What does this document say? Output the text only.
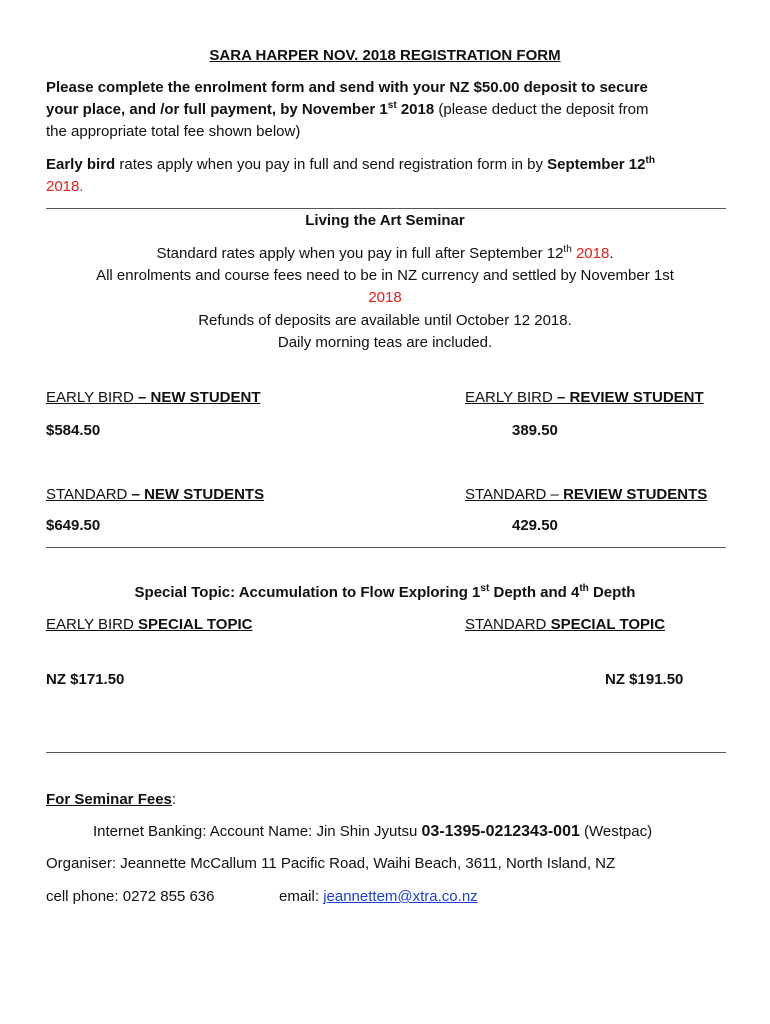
SARA HARPER NOV. 2018 REGISTRATION FORM
Please complete the enrolment form and send with your NZ $50.00 deposit to secure
your place, and /or full payment, by November 1st 2018 (please deduct the deposit from
the appropriate total fee shown below)
Early bird rates apply when you pay in full and send registration form in by September 12th
2018.
Living the Art Seminar
Standard rates apply when you pay in full after September 12th 2018.
All enrolments and course fees need to be in NZ currency and settled by November 1st
2018
Refunds of deposits are available until October 12 2018.
Daily morning teas are included.
EARLY BIRD – NEW STUDENT	EARLY BIRD – REVIEW STUDENT
$584.50	389.50
STANDARD – NEW STUDENTS	STANDARD – REVIEW STUDENTS
$649.50	429.50
Special Topic: Accumulation to Flow Exploring 1st Depth and 4th Depth
EARLY BIRD SPECIAL TOPIC	STANDARD SPECIAL TOPIC
NZ $171.50	NZ $191.50
For Seminar Fees:
Internet Banking: Account Name: Jin Shin Jyutsu 03-1395-0212343-001 (Westpac)
Organiser: Jeannette McCallum 11 Pacific Road, Waihi Beach, 3611, North Island, NZ
cell phone: 0272 855 636	email: jeannettem@xtra.co.nz
